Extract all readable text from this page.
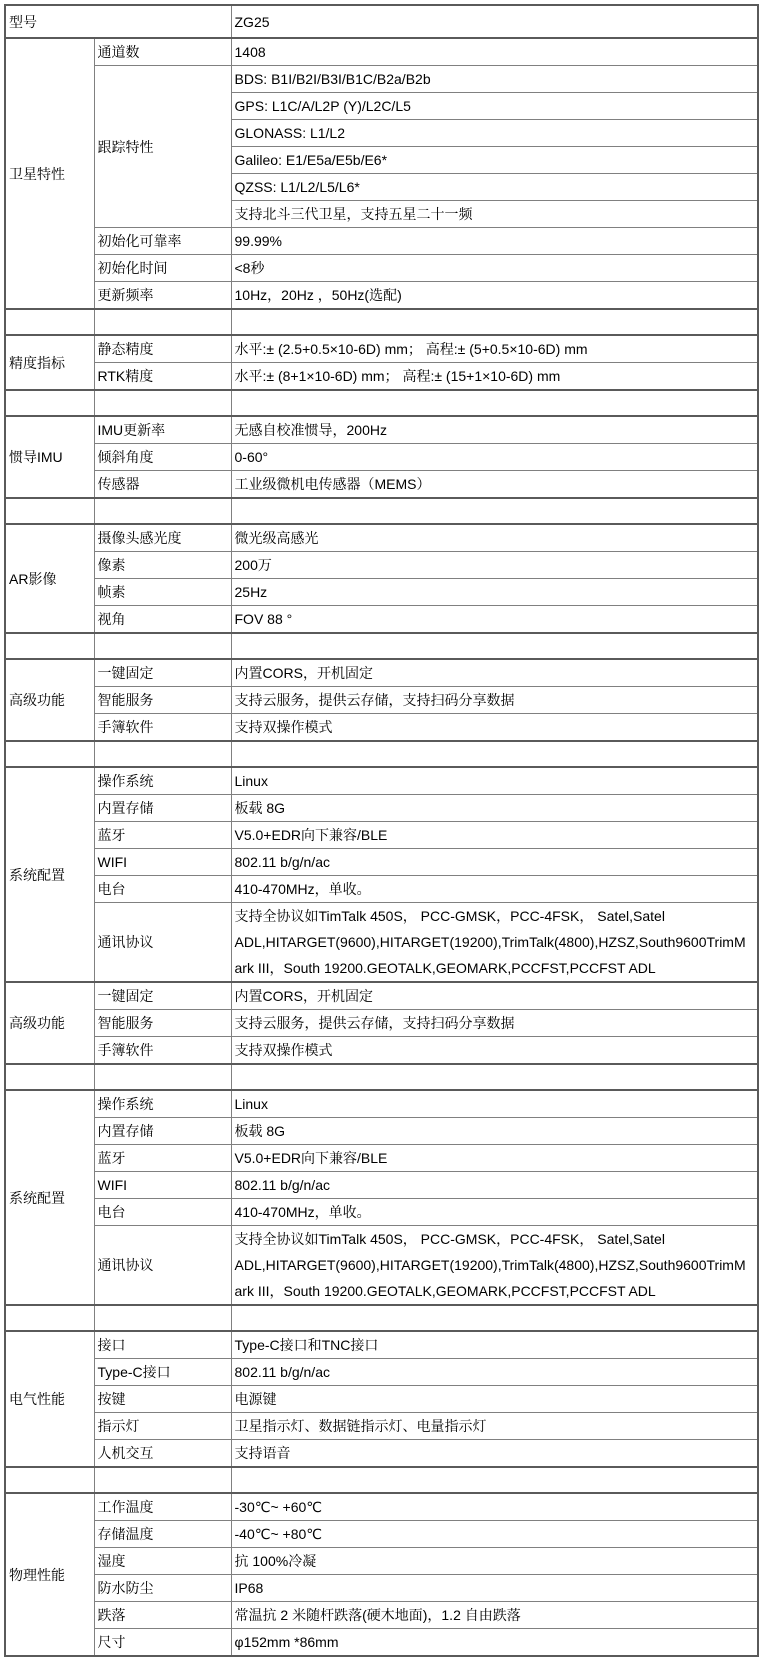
型号		ZG25
卫星特性	通道数	1408
	跟踪特性	BDS: B1I/B2I/B3I/B1C/B2a/B2b
		GPS: L1C/A/L2P (Y)/L2C/L5
		GLONASS: L1/L2
		Galileo: E1/E5a/E5b/E6*
		QZSS: L1/L2/L5/L6*
		支持北斗三代卫星，支持五星二十一频
	初始化可靠率	99.99%
	初始化时间	<8秒
	更新频率	10Hz，20Hz ，50Hz(选配)

精度指标	静态精度	水平:± (2.5+0.5×10-6D) mm； 高程:± (5+0.5×10-6D) mm
	RTK精度	水平:± (8+1×10-6D) mm； 高程:± (15+1×10-6D) mm

惯导IMU	IMU更新率	无感自校准惯导，200Hz
	倾斜角度	0-60°
	传感器	工业级微机电传感器（MEMS）

AR影像	摄像头感光度	微光级高感光
	像素	200万
	帧素	25Hz
	视角	FOV 88 °

高级功能	一键固定	内置CORS，开机固定
	智能服务	支持云服务，提供云存储，支持扫码分享数据
	手簿软件	支持双操作模式

系统配置	操作系统	Linux
	内置存储	板载 8G
	蓝牙	V5.0+EDR向下兼容/BLE
	WIFI	802.11 b/g/n/ac
	电台	410-470MHz，单收。
	通讯协议	支持全协议如TimTalk 450S， PCC-GMSK，PCC-4FSK， Satel,Satel ADL,HITARGET(9600),HITARGET(19200),TrimTalk(4800),HZSZ,South9600TrimMark III，South 19200.GEOTALK,GEOMARK,PCCFST,PCCFST ADL
高级功能	一键固定	内置CORS，开机固定
	智能服务	支持云服务，提供云存储，支持扫码分享数据
	手簿软件	支持双操作模式

系统配置	操作系统	Linux
	内置存储	板载 8G
	蓝牙	V5.0+EDR向下兼容/BLE
	WIFI	802.11 b/g/n/ac
	电台	410-470MHz，单收。
	通讯协议	支持全协议如TimTalk 450S， PCC-GMSK，PCC-4FSK， Satel,Satel ADL,HITARGET(9600),HITARGET(19200),TrimTalk(4800),HZSZ,South9600TrimMark III，South 19200.GEOTALK,GEOMARK,PCCFST,PCCFST ADL

电气性能	接口	Type-C接口和TNC接口
	Type-C接口	802.11 b/g/n/ac
	按键	电源键
	指示灯	卫星指示灯、数据链指示灯、电量指示灯
	人机交互	支持语音

物理性能	工作温度	-30℃~ +60℃
	存储温度	-40℃~ +80℃
	湿度	抗 100%冷凝
	防水防尘	IP68
	跌落	常温抗 2 米随杆跌落(硬木地面)，1.2 自由跌落
	尺寸	φ152mm *86mm
